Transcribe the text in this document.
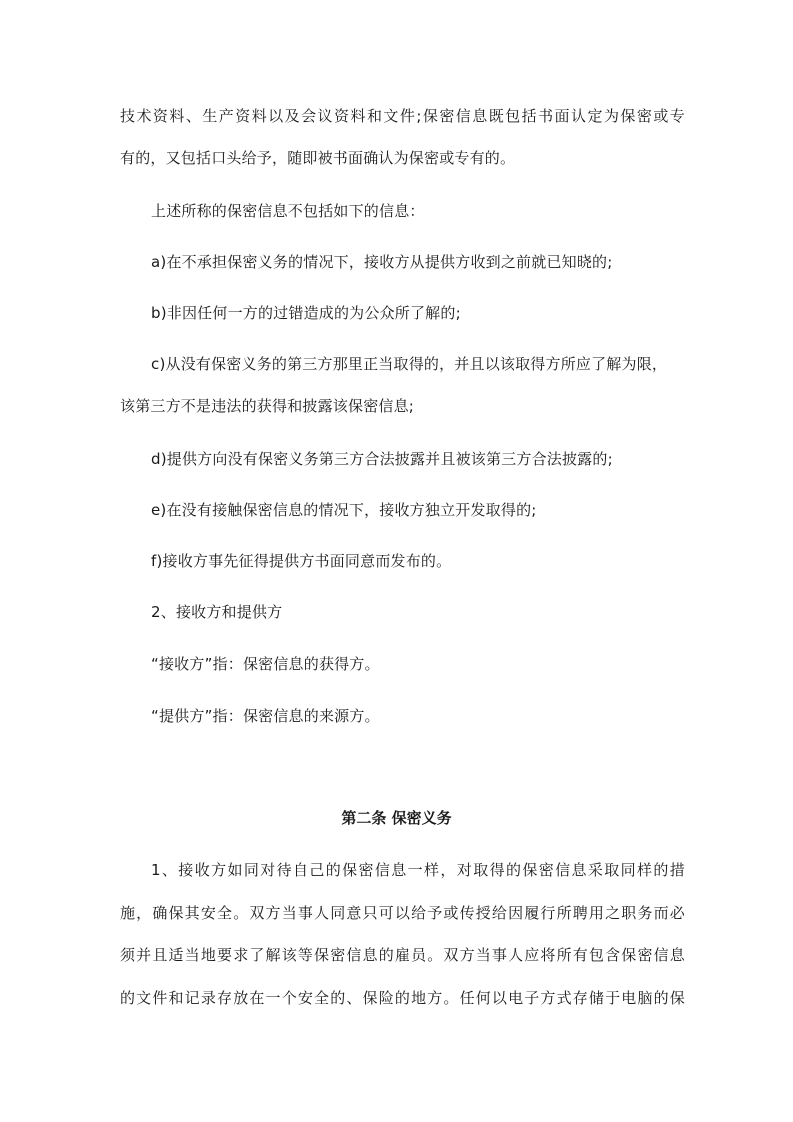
技术资料、生产资料以及会议资料和文件;保密信息既包括书面认定为保密或专
有的，又包括口头给予，随即被书面确认为保密或专有的。
上述所称的保密信息不包括如下的信息：
a)在不承担保密义务的情况下，接收方从提供方收到之前就已知晓的;
b)非因任何一方的过错造成的为公众所了解的;
c)从没有保密义务的第三方那里正当取得的，并且以该取得方所应了解为限，
该第三方不是违法的获得和披露该保密信息;
d)提供方向没有保密义务第三方合法披露并且被该第三方合法披露的;
e)在没有接触保密信息的情况下，接收方独立开发取得的;
f)接收方事先征得提供方书面同意而发布的。
2、接收方和提供方
“接收方”指：保密信息的获得方。
“提供方”指：保密信息的来源方。
第二条 保密义务
1、接收方如同对待自己的保密信息一样，对取得的保密信息采取同样的措
施，确保其安全。双方当事人同意只可以给予或传授给因履行所聘用之职务而必
须并且适当地要求了解该等保密信息的雇员。双方当事人应将所有包含保密信息
的文件和记录存放在一个安全的、保险的地方。任何以电子方式存储于电脑的保
